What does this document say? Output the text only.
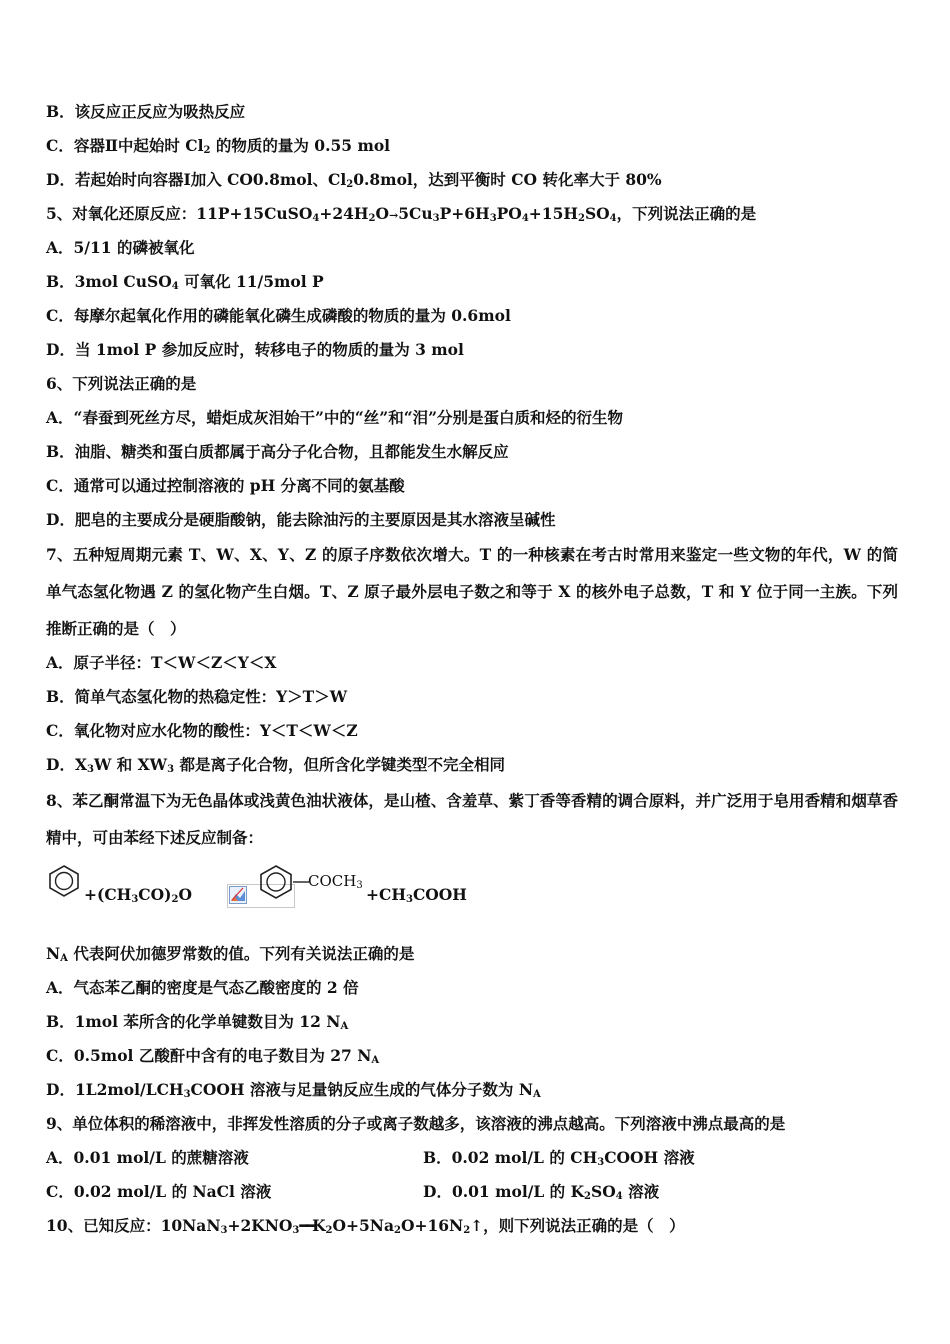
B．该反应正反应为吸热反应
C．容器Ⅱ中起始时 $Cl_2$ 的物质的量为 0.55 mol
D．若起始时向容器Ⅰ加入 CO0.8mol、$Cl_20.8mol$，达到平衡时 CO 转化率大于 80%
5、对氧化还原反应：$11P+15CuSO_4+24H_2O\to 5Cu_3P+6H_3PO_4+15H_2SO_4$，下列说法正确的是
A．5/11 的磷被氧化
B．3mol CuSO$_4$ 可氧化 11/5mol P
C．每摩尔起氧化作用的磷能氧化磷生成磷酸的物质的量为 0.6mol
D．当 1mol P 参加反应时，转移电子的物质的量为 3 mol
6、下列说法正确的是
A．“春蚕到死丝方尽，蜡炬成灰泪始干”中的“丝”和“泪”分别是蛋白质和烃的衍生物
B．油脂、糖类和蛋白质都属于高分子化合物，且都能发生水解反应
C．通常可以通过控制溶液的 pH 分离不同的氨基酸
D．肥皂的主要成分是硬脂酸钠，能去除油污的主要原因是其水溶液呈碱性
7、五种短周期元素 T、W、X、Y、Z 的原子序数依次增大。T 的一种核素在考古时常用来鉴定一些文物的年代，W 的简单气态氢化物遇 Z 的氢化物产生白烟。T、Z 原子最外层电子数之和等于 X 的核外电子总数，T 和 Y 位于同一主族。下列推断正确的是（　）
A．原子半径：T＜W＜Z＜Y＜X
B．简单气态氢化物的热稳定性：Y＞T＞W
C．氧化物对应水化物的酸性：Y＜T＜W＜Z
D．$X_3W$ 和 $XW_3$ 都是离子化合物，但所含化学键类型不完全相同
8、苯乙酮常温下为无色晶体或浅黄色油状液体，是山楂、含羞草、紫丁香等香精的调合原料，并广泛用于皂用香精和烟草香精中，可由苯经下述反应制备：
$+(CH_3CO)_2O$
$COCH_3$ $+CH_3COOH$
$N_A$ 代表阿伏加德罗常数的值。下列有关说法正确的是
A．气态苯乙酮的密度是气态乙酸密度的 2 倍
B．1mol 苯所含的化学单键数目为 12 $N_A$
C．0.5mol 乙酸酐中含有的电子数目为 27 $N_A$
D．$1L2mol/LCH_3COOH$ 溶液与足量钠反应生成的气体分子数为 $N_A$
9、单位体积的稀溶液中，非挥发性溶质的分子或离子数越多，该溶液的沸点越高。下列溶液中沸点最高的是
A．0.01 mol/L 的蔗糖溶液	B．0.02 mol/L 的 $CH_3COOH$ 溶液
C．0.02 mol/L 的 NaCl 溶液	D．0.01 mol/L 的 $K_2SO_4$ 溶液
10、已知反应：$10NaN_3+2KNO_3━━K_2O+5Na_2O+16N_2↑$，则下列说法正确的是（　）
